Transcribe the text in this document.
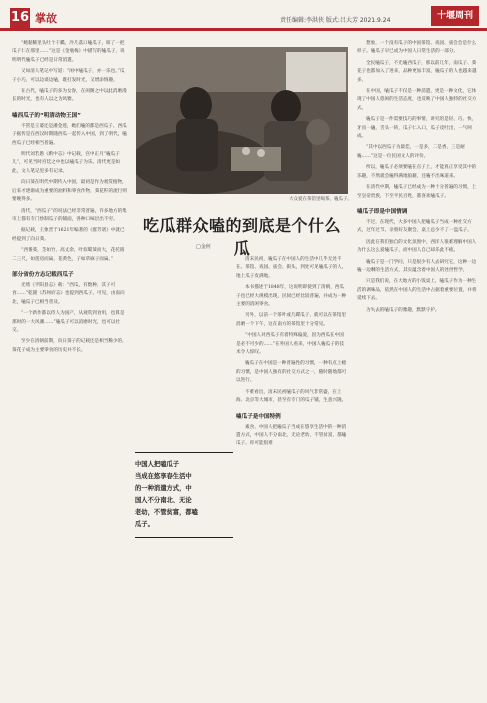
16 掌故	责任编辑:李洪侠 版式:吕大芳 2021.9.24	十堰周刊

“她黏稀里头吐个干瓤，冷几落口嗑瓜子，晾了一把瓜子仁在那里……”这是《金瓶梅》中描写的嗑瓜子，说明明代嗑瓜子已经是日常消遣。

又如清人笔记中写道：“闲中嗑瓜子，亦一乐也。”瓜子小巧，可以边谈边嗑，既打发时光，又增添情趣。

在古代，嗑瓜子的多为女眷，在闺阁之中以此消磨漫长的时光，也有人以之为风雅。

嗑西瓜子的“明清动物王国”

不管是王婆还是潘金莲，她们嗑的都是西瓜子。西瓜子据传是在西汉时期随西瓜一起传入中国，到了明代，嗑西瓜子已经相当普遍。

明代刘若愚《酌中志》中记载，宫中正月“嗑瓜子儿”，可见当时宫廷之中也以嗑瓜子为乐。清代更是如此，文人笔记里多有记录。

向日葵在明代中期传入中国，最初是作为观赏植物，后来才逐渐成为重要的油料和零食作物，葵花籽的流行则要晚得多。

清代，“西瓜子”的说法已经非常普遍，许多地方的集市上都有专门炒制瓜子的铺面，各种口味层出不穷。

据记载，王象晋于1621年编著的《群芳谱》中就已经提到了向日葵。

“西番葵，茎如竹，高丈余，叶似蜀葵而大，花托圆二三尺，如莲房而扁，花黄色，子如草麻子而扁。”

部分省份方志记载西瓜子

光绪《平阳县志》载：“西瓜，有数种，其子可食……”乾隆《苏州府志》也提到西瓜子。可见，由南向北，嗑瓜子已相当普及。

“一个新作都以侍人为国产，从观赏到食用，也算是那时的一大风潮……”嗑瓜子可以消磨时光，也可以社交。

至少在清朝前期，向日葵子的记载还是相当稀少的，葵花子成为主要零食的历史并不长。

大众爱在茶馆里喝茶、嗑瓜子。
吃瓜群众嗑的到底是个什么瓜
□金何

清末民初，嗑瓜子在中国人的生活中几乎无处不在。茶馆、戏园、庙会、街头，到处可见嗑瓜子的人，地上瓜子皮满地。

本书描述于1848年，这说明即使到了清朝，西瓜子也已经大规模出现，民间已经比较普遍，并成为一种主要的消闲零食。

另外，以前一个茶叶或几碟瓜子，就可以在茶馆里消磨一个下午，这在南方的茶馆里十分常见。

“中国人对西瓜子有着特殊偏爱，因为西瓜在中国是必不可少的……”在外国人看来，中国人嗑瓜子的技术令人惊叹。

嗑瓜子在中国是一种普遍性的习惯，一种有点上瘾的习惯，是中国人独有的社交方式之一，随时随地都可以进行。

不难看出，清末民初嗑瓜子的风气非常盛，在上海、北京等大城市，甚至有专门的瓜子铺，生意兴隆。

嗑瓜子是中国特例

素食、中国人把嗑瓜子当成在悠享生活中的一种消遣方式，中国人不分南北，无论老幼，不管贫富，都嗑瓜子。你可能很难

中国人把嗑瓜子
当成在悠享春生活中
的一种消遣方式，中
国人不分南北、无论
老幼，不管贫富，都嗑
瓜子。

想象，一个没有瓜子的中国茶馆、戏园、庙会会是什么样子。嗑瓜子早已成为中国人日常生活的一部分。

全民嗑瓜子，不光嗑西瓜子，那以前几年，南瓜子、葵花子也都加入了进来，品种更加丰富，嗑瓜子的人也越来越多。

在中国，嗑瓜子不仅是一种消遣，更是一种文化，它体现了中国人悠闲的生活态度，也反映了中国人独特的社交方式。

嗑瓜子是一件需要技巧的事情，讲究的是轻、巧、快，牙齿一磕，舌头一转，瓜子仁入口，瓜子皮吐出，一气呵成。

“其中以西瓜子为最佳，一是多，二是香，三是耐嗑……”这是一位民国文人的评价。

所以，嗑瓜子必须要嗑在点子上，才能真正享受其中的乐趣，不然就会嗑得满地狼藉，还嗑不出味道来。

在清代中期，嗑瓜子已经成为一种十分普遍的习惯，上至皇帝贵族，下至平民百姓，都喜欢嗑瓜子。

嗑瓜子即是中国情调

不过，在现代，大多中国人把嗑瓜子当成一种社交方式，过年过节、亲朋好友聚会，桌上总少不了一盘瓜子。

因此在我们独自的文化氛围中，西洋人很难理解中国人为什么这么爱嗑瓜子，而中国人自己却乐此不疲。

嗑瓜子是一门学问，只是很少有人去研究它，这种一边嗑一边聊的生活方式，其实蕴含着中国人的处世哲学。

只是我们说，在大地方的小饭桌上，嗑瓜子作为一种生活的调味品，依然在中国人的生活中占据着重要位置，并将延续下去。

为失去的嗑瓜子的雅趣，默默守护。
